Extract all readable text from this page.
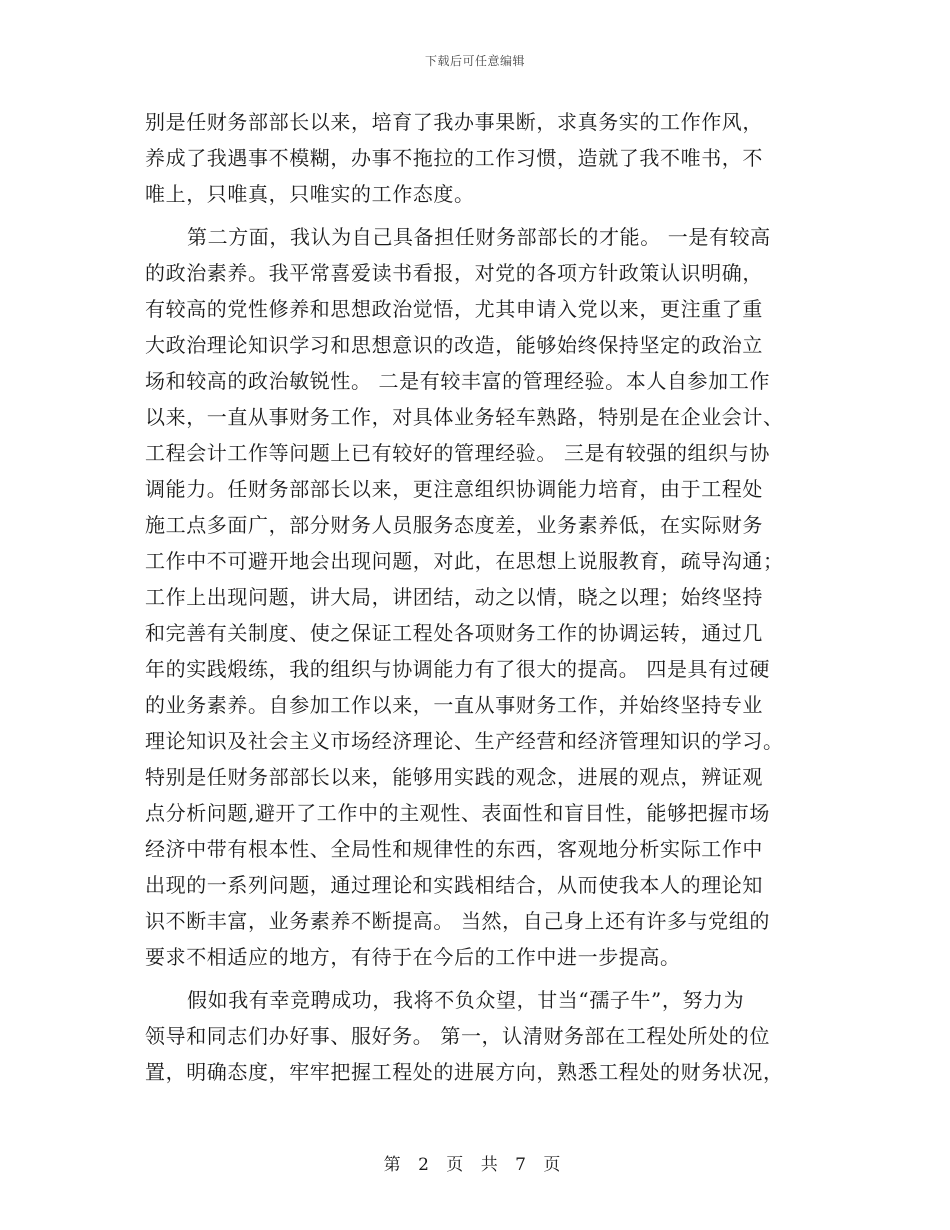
下载后可任意编辑
别是任财务部部长以来，培育了我办事果断，求真务实的工作作风，
养成了我遇事不模糊，办事不拖拉的工作习惯，造就了我不唯书，不
唯上，只唯真，只唯实的工作态度。
第二方面，我认为自己具备担任财务部部长的才能。 一是有较高
的政治素养。我平常喜爱读书看报，对党的各项方针政策认识明确，
有较高的党性修养和思想政治觉悟，尤其申请入党以来，更注重了重
大政治理论知识学习和思想意识的改造，能够始终保持坚定的政治立
场和较高的政治敏锐性。 二是有较丰富的管理经验。本人自参加工作
以来，一直从事财务工作，对具体业务轻车熟路，特别是在企业会计、
工程会计工作等问题上已有较好的管理经验。 三是有较强的组织与协
调能力。任财务部部长以来，更注意组织协调能力培育，由于工程处
施工点多面广，部分财务人员服务态度差，业务素养低，在实际财务
工作中不可避开地会出现问题，对此，在思想上说服教育，疏导沟通；
工作上出现问题，讲大局，讲团结，动之以情，晓之以理；始终坚持
和完善有关制度、使之保证工程处各项财务工作的协调运转，通过几
年的实践煅练，我的组织与协调能力有了很大的提高。 四是具有过硬
的业务素养。自参加工作以来，一直从事财务工作，并始终坚持专业
理论知识及社会主义市场经济理论、生产经营和经济管理知识的学习。
特别是任财务部部长以来，能够用实践的观念，进展的观点，辨证观
点分析问题,避开了工作中的主观性、表面性和盲目性，能够把握市场
经济中带有根本性、全局性和规律性的东西，客观地分析实际工作中
出现的一系列问题，通过理论和实践相结合，从而使我本人的理论知
识不断丰富，业务素养不断提高。 当然，自己身上还有许多与党组的
要求不相适应的地方，有待于在今后的工作中进一步提高。
假如我有幸竞聘成功，我将不负众望，甘当“孺子牛”，努力为
领导和同志们办好事、服好务。 第一，认清财务部在工程处所处的位
置，明确态度，牢牢把握工程处的进展方向，熟悉工程处的财务状况，
第 2 页 共 7 页
